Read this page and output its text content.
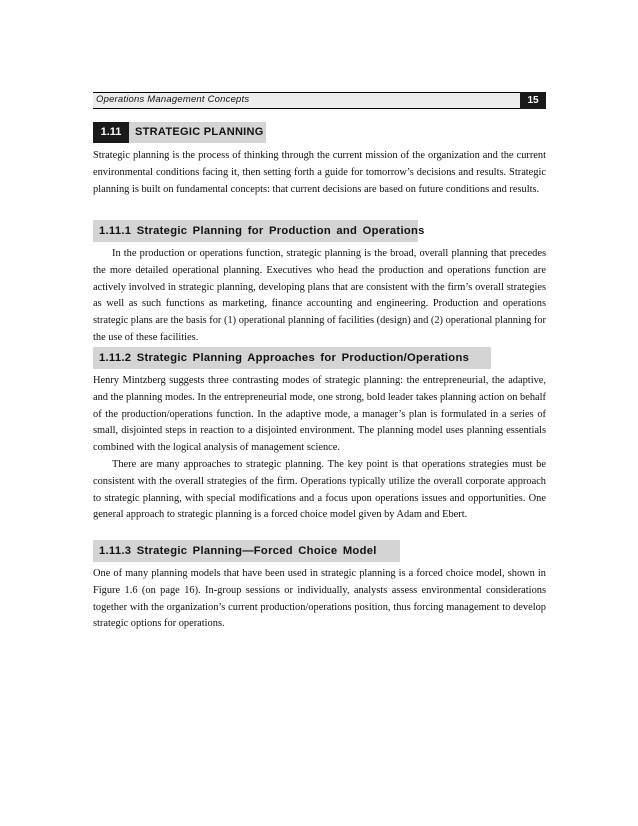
Operations Management Concepts	15
1.11	STRATEGIC PLANNING

Strategic planning is the process of thinking through the current mission of the organization and the current environmental conditions facing it, then setting forth a guide for tomorrow’s decisions and results. Strategic planning is built on fundamental concepts: that current decisions are based on future conditions and results.

1.11.1 Strategic Planning for Production and Operations

In the production or operations function, strategic planning is the broad, overall planning that precedes the more detailed operational planning. Executives who head the production and operations function are actively involved in strategic planning, developing plans that are consistent with the firm’s overall strategies as well as such functions as marketing, finance accounting and engineering. Production and operations strategic plans are the basis for (1) operational planning of facilities (design) and (2) operational planning for the use of these facilities.

1.11.2 Strategic Planning Approaches for Production/Operations

Henry Mintzberg suggests three contrasting modes of strategic planning: the entrepreneurial, the adaptive, and the planning modes. In the entrepreneurial mode, one strong, bold leader takes planning action on behalf of the production/operations function. In the adaptive mode, a manager’s plan is formulated in a series of small, disjointed steps in reaction to a disjointed environment. The planning model uses planning essentials combined with the logical analysis of management science.

There are many approaches to strategic planning. The key point is that operations strategies must be consistent with the overall strategies of the firm. Operations typically utilize the overall corporate approach to strategic planning, with special modifications and a focus upon operations issues and opportunities. One general approach to strategic planning is a forced choice model given by Adam and Ebert.

1.11.3 Strategic Planning—Forced Choice Model

One of many planning models that have been used in strategic planning is a forced choice model, shown in Figure 1.6 (on page 16). In-group sessions or individually, analysts assess environmental considerations together with the organization’s current production/operations position, thus forcing management to develop strategic options for operations.
